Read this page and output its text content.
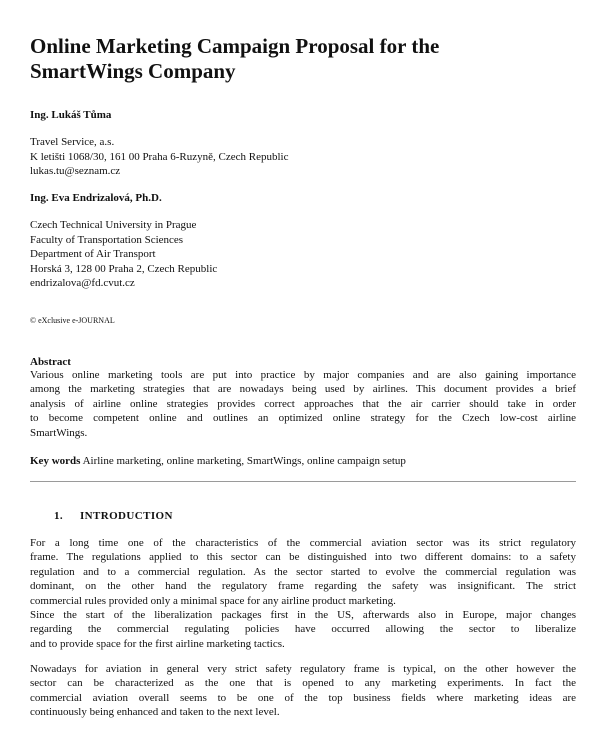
Online Marketing Campaign Proposal for the
SmartWings Company
Ing. Lukáš Tůma
Travel Service, a.s.
K letišti 1068/30, 161 00 Praha 6-Ruzyně, Czech Republic
lukas.tu@seznam.cz
Ing. Eva Endrizalová, Ph.D.
Czech Technical University in Prague
Faculty of Transportation Sciences
Department of Air Transport
Horská 3, 128 00 Praha 2, Czech Republic
endrizalova@fd.cvut.cz
© eXclusive e-JOURNAL
Abstract
Various online marketing tools are put into practice by major companies and are also gaining importance
among the marketing strategies that are nowadays being used by airlines. This document provides a brief
analysis of airline online strategies provides correct approaches that the air carrier should take in order
to become competent online and outlines an optimized online strategy for the Czech low-cost airline
SmartWings.
Key words Airline marketing, online marketing, SmartWings, online campaign setup
1. INTRODUCTION
For a long time one of the characteristics of the commercial aviation sector was its strict regulatory
frame. The regulations applied to this sector can be distinguished into two different domains: to a safety
regulation and to a commercial regulation. As the sector started to evolve the commercial regulation was
dominant, on the other hand the regulatory frame regarding the safety was insignificant. The strict
commercial rules provided only a minimal space for any airline product marketing.
Since the start of the liberalization packages first in the US, afterwards also in Europe, major changes
regarding the commercial regulating policies have occurred allowing the sector to liberalize
and to provide space for the first airline marketing tactics.
Nowadays for aviation in general very strict safety regulatory frame is typical, on the other however the
sector can be characterized as the one that is opened to any marketing experiments. In fact the
commercial aviation overall seems to be one of the top business fields where marketing ideas are
continuously being enhanced and taken to the next level.
